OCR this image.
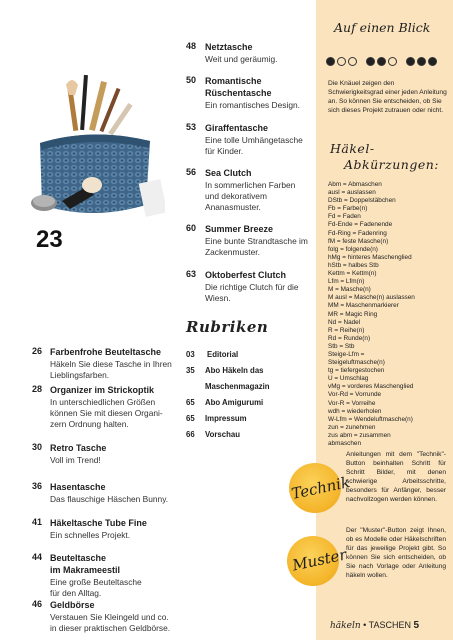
23
48 Netztasche
Weit und geräumig.
50 Romantische
Rüschentasche
Ein romantisches Design.
53 Giraffentasche
Eine tolle Umhängetasche
für Kinder.
56 Sea Clutch
In sommerlichen Farben
und dekorativem
Ananasmuster.
60 Summer Breeze
Eine bunte Strandtasche im
Zackenmuster.
63 Oktoberfest Clutch
Die richtige Clutch für die
Wiesn.
26 Farbenfrohe Beuteltasche
Häkeln Sie diese Tasche in Ihren
Lieblingsfarben.
28 Organizer im Strickoptik
In unterschiedlichen Größen
können Sie mit diesen Organi-
zern Ordnung halten.
30 Retro Tasche
Voll im Trend!
36 Hasentasche
Das flauschige Häschen Bunny.
41 Häkeltasche Tube Fine
Ein schnelles Projekt.
44 Beuteltasche
im Makrameestil
Eine große Beuteltasche
für den Alltag.
46 Geldbörse
Verstauen Sie Kleingeld und co.
in dieser praktischen Geldbörse.
Rubriken
03 Editorial
35 Abo Häkeln das
Maschenmagazin
65 Abo Amigurumi
65 Impressum
66 Vorschau
Auf einen Blick
Die Knäuel zeigen den Schwierigkeitsgrad einer jeden Anleitung an. So können Sie entscheiden, ob Sie sich dieses Projekt zutrauen oder nicht.
Häkel-
Abkürzungen:
Abm = Abmaschen
ausl = auslassen
DStb = Doppelstäbchen
Fb = Farbe(n)
Fd = Faden
Fd-Ende = Fadenende
Fd-Ring = Fadenring
fM = feste Masche(n)
folg = folgende(n)
hMg = hinteres Maschenglied
hStb = halbes Stb
Kettm = Kettm(n)
Lfm = Lfm(n)
M = Masche(n)
M ausl = Masche(n) auslassen
MM = Maschenmarkierer
MR = Magic Ring
Nd = Nadel
R = Reihe(n)
Rd = Runde(n)
Stb = Stb
Steige-Lfm =
Steigeluftmasche(n)
tg = tiefergestochen
U = Umschlag
vMg = vorderes Maschenglied
Vor-Rd = Vorrunde
Vor-R = Vorreihe
wdh = wiederholen
W-Lfm = Wendeluftmasche(n)
zun = zunehmen
zus abm = zusammen
abmaschen
Technik
Anleitungen mit dem "Technik"-Button beinhalten Schritt für Schritt Bilder, mit denen schwierige Arbeitsschritte, besonders für Anfänger, besser nachvollzogen werden können.
Muster
Der "Muster"-Button zeigt Ihnen, ob es Modelle oder Häkelschriften für das jeweilige Projekt gibt. So können Sie sich entscheiden, ob Sie nach Vorlage oder Anleitung häkeln wollen.
häkeln • TASCHEN 5
